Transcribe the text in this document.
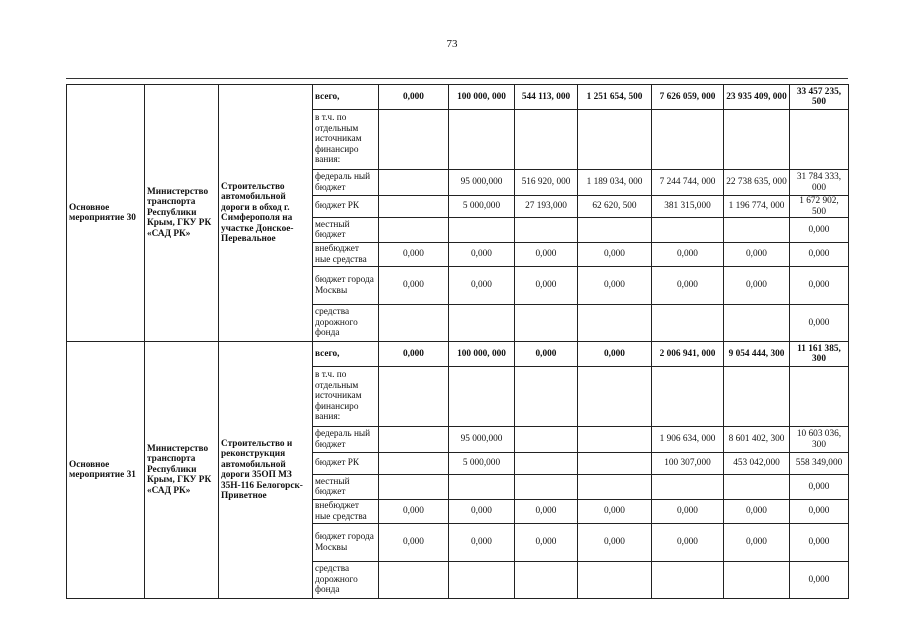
73
Основное мероприятие 30	Министерство транспорта Республики Крым, ГКУ РК «САД РК»	Строительство автомобильной дороги в обход г. Симферополя на участке Донское-Перевальное	всего,	0,000	100 000, 000	544 113, 000	1 251 654, 500	7 626 059, 000	23 935 409, 000	33 457 235, 500
			в т.ч. по отдельным источникам финансиро вания:							
			федераль ный бюджет		95 000,000	516 920, 000	1 189 034, 000	7 244 744, 000	22 738 635, 000	31 784 333, 000
			бюджет РК		5 000,000	27 193,000	62 620, 500	381 315,000	1 196 774, 000	1 672 902, 500
			местный бюджет							0,000
			внебюджет ные средства	0,000	0,000	0,000	0,000	0,000	0,000	0,000
			бюджет города Москвы	0,000	0,000	0,000	0,000	0,000	0,000	0,000
			средства дорожного фонда							0,000
Основное мероприятие 31	Министерство транспорта Республики Крым, ГКУ РК «САД РК»	Строительство и реконструкция автомобильной дороги 35ОП МЗ 35Н-116 Белогорск-Приветное	всего,	0,000	100 000, 000	0,000	0,000	2 006 941, 000	9 054 444, 300	11 161 385, 300
			в т.ч. по отдельным источникам финансиро вания:							
			федераль ный бюджет		95 000,000			1 906 634, 000	8 601 402, 300	10 603 036, 300
			бюджет РК		5 000,000			100 307,000	453 042,000	558 349,000
			местный бюджет							0,000
			внебюджет ные средства	0,000	0,000	0,000	0,000	0,000	0,000	0,000
			бюджет города Москвы	0,000	0,000	0,000	0,000	0,000	0,000	0,000
			средства дорожного фонда							0,000
